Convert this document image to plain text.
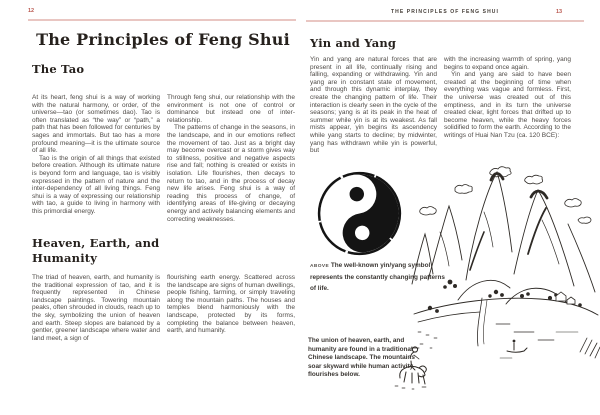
12
The Principles of Feng Shui
The Tao

At its heart, feng shui is a way of working with the natural harmony, or order, of the universe—tao (or sometimes dao). Tao is often translated as “the way” or “path,” a path that has been followed for centuries by sages and immortals. But tao has a more profound meaning—it is the ultimate source of all life.

Tao is the origin of all things that existed before creation. Although its ultimate nature is beyond form and language, tao is visibly expressed in the pattern of nature and the inter-dependency of all living things. Feng shui is a way of expressing our relationship with tao, a guide to living in harmony with this primordial energy.

Through feng shui, our relationship with the environment is not one of control or dominance but instead one of inter-relationship.

The patterns of change in the seasons, in the landscape, and in our emotions reflect the movement of tao. Just as a bright day may become overcast or a storm gives way to stillness, positive and negative aspects rise and fall; nothing is created or exists in isolation. Life flourishes, then decays to return to tao, and in the process of decay new life arises. Feng shui is a way of reading this process of change, of identifying areas of life-giving or decaying energy and actively balancing elements and correcting weaknesses.

Heaven, Earth, and Humanity

The triad of heaven, earth, and humanity is the traditional expression of tao, and it is frequently represented in Chinese landscape paintings. Towering mountain peaks, often shrouded in clouds, reach up to the sky, symbolizing the union of heaven and earth. Steep slopes are balanced by a gentler, greener landscape where water and land meet, a sign of

flourishing earth energy. Scattered across the landscape are signs of human dwellings, people fishing, farming, or simply traveling along the mountain paths. The houses and temples blend harmoniously with the landscape, protected by its forms, completing the balance between heaven, earth, and humanity.

THE PRINCIPLES OF FENG SHUI	13
Yin and Yang

Yin and yang are natural forces that are present in all life, continually rising and falling, expanding or withdrawing. Yin and yang are in constant state of movement, and through this dynamic interplay, they create the changing pattern of life. Their interaction is clearly seen in the cycle of the seasons; yang is at its peak in the heat of summer while yin is at its weakest. As fall mists appear, yin begins its ascendency while yang starts to decline; by midwinter, yang has withdrawn while yin is powerful, but

with the increasing warmth of spring, yang begins to expand once again.

Yin and yang are said to have been created at the beginning of time when everything was vague and formless. First, the universe was created out of this emptiness, and in its turn the universe created clear, light forces that drifted up to become heaven, while the heavy forces solidified to form the earth. According to the writings of Huai Nan Tzu (ca. 120 BCE):

ABOVE The well-known yin/yang symbol represents the constantly changing patterns of life.
The union of heaven, earth, and humanity are found in a traditional Chinese landscape. The mountains soar skyward while human activity flourishes below.
